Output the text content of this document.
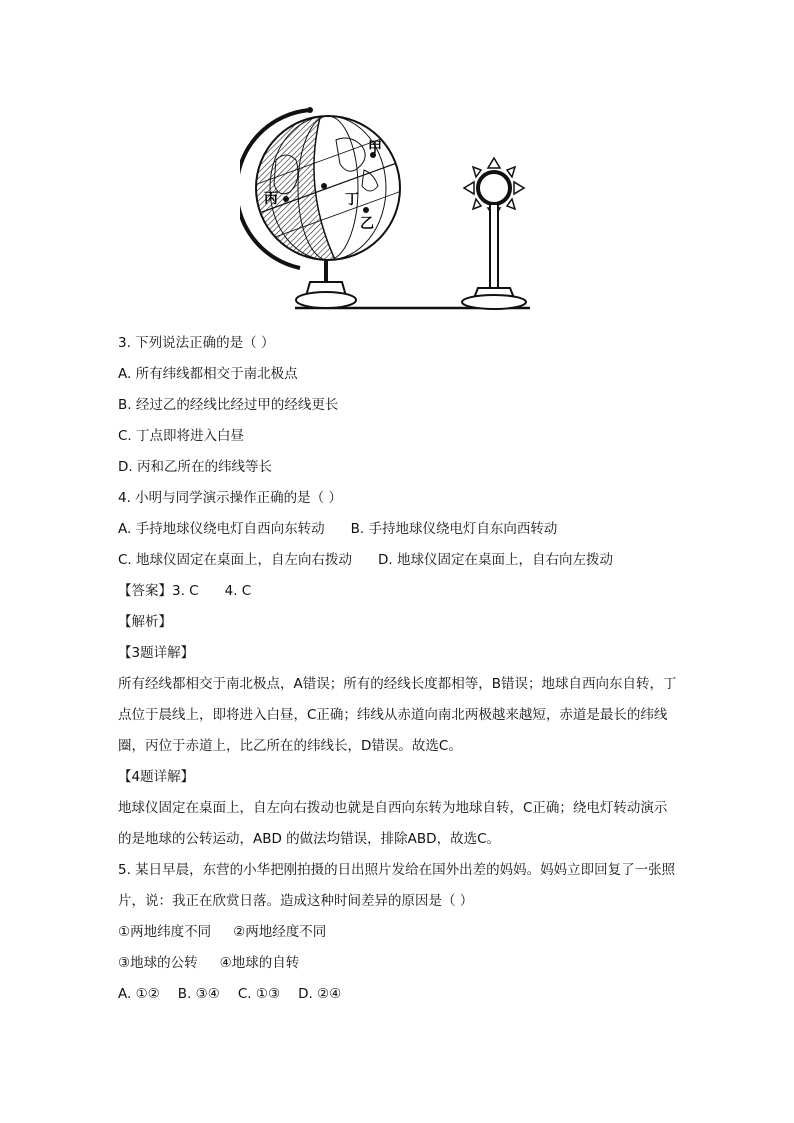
甲
丁
乙
丙
3. 下列说法正确的是（ ）
A. 所有纬线都相交于南北极点
B. 经过乙的经线比经过甲的经线更长
C. 丁点即将进入白昼
D. 丙和乙所在的纬线等长
4. 小明与同学演示操作正确的是（ ）
A. 手持地球仪绕电灯自西向东转动 B. 手持地球仪绕电灯自东向西转动
C. 地球仪固定在桌面上，自左向右拨动 D. 地球仪固定在桌面上，自右向左拨动
【答案】3. C 4. C
【解析】
【3题详解】
所有经线都相交于南北极点，A错误；所有的经线长度都相等，B错误；地球自西向东自转，丁点位于晨线上，即将进入白昼，C正确；纬线从赤道向南北两极越来越短，赤道是最长的纬线圈，丙位于赤道上，比乙所在的纬线长，D错误。故选C。
【4题详解】
地球仪固定在桌面上，自左向右拨动也就是自西向东转为地球自转，C正确；绕电灯转动演示的是地球的公转运动，ABD 的做法均错误，排除ABD，故选C。
5. 某日早晨，东营的小华把刚拍摄的日出照片发给在国外出差的妈妈。妈妈立即回复了一张照片，说：我正在欣赏日落。造成这种时间差异的原因是（ ）
①两地纬度不同 ②两地经度不同
③地球的公转 ④地球的自转
A. ①② B. ③④ C. ①③ D. ②④
